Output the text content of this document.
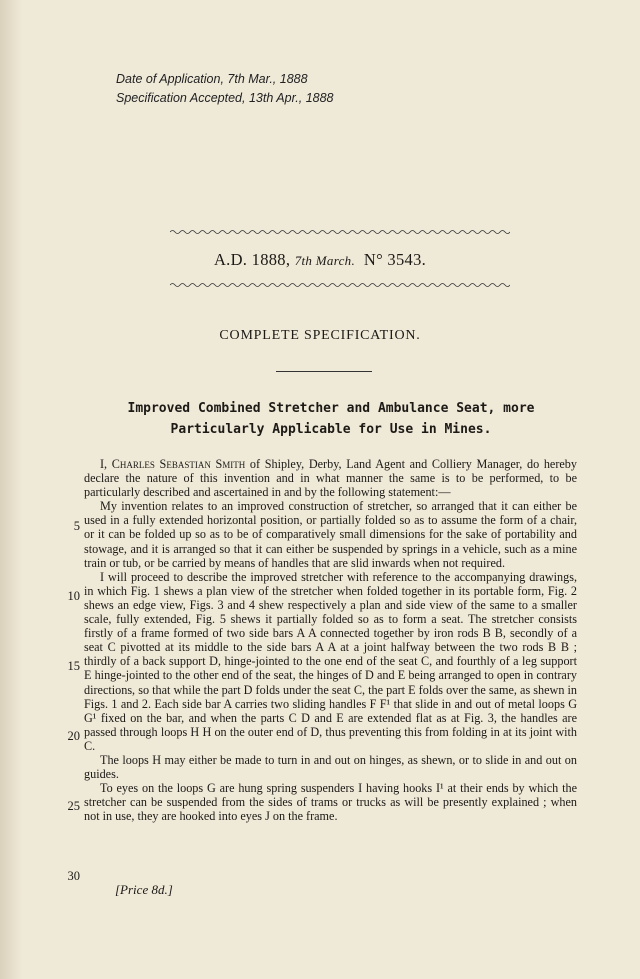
Date of Application, 7th Mar., 1888
Specification Accepted, 13th Apr., 1888
A.D. 1888, 7th March. N° 3543.
COMPLETE SPECIFICATION.
Improved Combined Stretcher and Ambulance Seat, more
Particularly Applicable for Use in Mines.
5
10
15
20
25
30

I, Charles Sebastian Smith of Shipley, Derby, Land Agent and Colliery Manager, do hereby declare the nature of this invention and in what manner the same is to be performed, to be particularly described and ascertained in and by the following statement:—

My invention relates to an improved construction of stretcher, so arranged that it can either be used in a fully extended horizontal position, or partially folded so as to assume the form of a chair, or it can be folded up so as to be of comparatively small dimensions for the sake of portability and stowage, and it is arranged so that it can either be suspended by springs in a vehicle, such as a mine train or tub, or be carried by means of handles that are slid inwards when not required.

I will proceed to describe the improved stretcher with reference to the accompanying drawings, in which Fig. 1 shews a plan view of the stretcher when folded together in its portable form, Fig. 2 shews an edge view, Figs. 3 and 4 shew respectively a plan and side view of the same to a smaller scale, fully extended, Fig. 5 shews it partially folded so as to form a seat. The stretcher consists firstly of a frame formed of two side bars A A connected together by iron rods B B, secondly of a seat C pivotted at its middle to the side bars A A at a joint halfway between the two rods B B ; thirdly of a back support D, hinge-jointed to the one end of the seat C, and fourthly of a leg support E hinge-jointed to the other end of the seat, the hinges of D and E being arranged to open in contrary directions, so that while the part D folds under the seat C, the part E folds over the same, as shewn in Figs. 1 and 2. Each side bar A carries two sliding handles F F¹ that slide in and out of metal loops G G¹ fixed on the bar, and when the parts C D and E are extended flat as at Fig. 3, the handles are passed through loops H H on the outer end of D, thus preventing this from folding in at its joint with C.

The loops H may either be made to turn in and out on hinges, as shewn, or to slide in and out on guides.

To eyes on the loops G are hung spring suspenders I having hooks I¹ at their ends by which the stretcher can be suspended from the sides of trams or trucks as will be presently explained ; when not in use, they are hooked into eyes J on the frame.

[Price 8d.]
